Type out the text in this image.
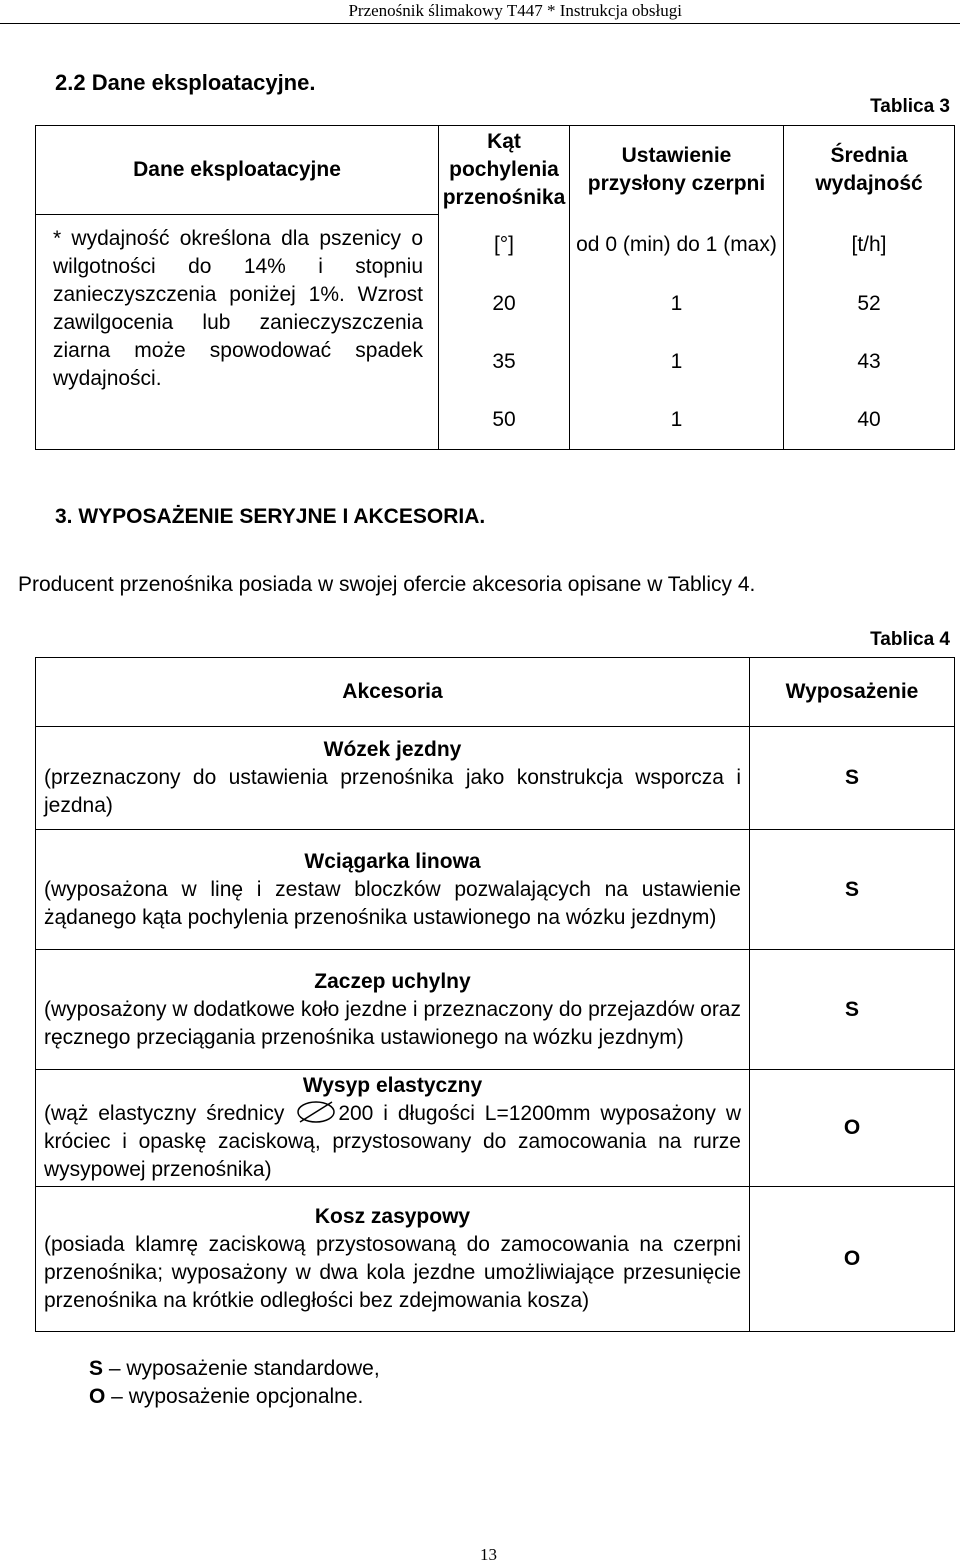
Przenośnik ślimakowy T447 * Instrukcja obsługi
2.2 Dane eksploatacyjne.
Tablica 3
Dane eksploatacyjne	Kąt pochylenia przenośnika	Ustawienie przysłony czerpni	Średnia wydajność
* wydajność określona dla pszenicy o wilgotności do 14% i stopniu zanieczyszczenia poniżej 1%. Wzrost zawilgocenia lub zanieczyszczenia ziarna może spowodować spadek wydajności.	[°]	od 0 (min) do 1 (max)	[t/h]
	20	1	52
	35	1	43
	50	1	40
3. WYPOSAŻENIE SERYJNE I AKCESORIA.
Producent przenośnika posiada w swojej ofercie akcesoria opisane w Tablicy 4.
Tablica 4
Akcesoria	Wyposażenie

Wózek jezdny
(przeznaczony do ustawienia przenośnika jako konstrukcja wsporcza i jezdna)	S

Wciągarka linowa
(wyposażona w linę i zestaw bloczków pozwalających na ustawienie żądanego kąta pochylenia przenośnika ustawionego na wózku jezdnym)	S

Zaczep uchylny
(wyposażony w dodatkowe koło jezdne i przeznaczony do przejazdów oraz ręcznego przeciągania przenośnika ustawionego na wózku jezdnym)	S

Wysyp elastyczny
(wąż elastyczny średnicy 200 i długości L=1200mm wyposażony w króciec i opaskę zaciskową, przystosowany do zamocowania na rurze wysypowej przenośnika)	O

Kosz zasypowy
(posiada klamrę zaciskową przystosowaną do zamocowania na czerpni przenośnika; wyposażony w dwa kola jezdne umożliwiające przesunięcie przenośnika na krótkie odległości bez zdejmowania kosza)	O
S – wyposażenie standardowe,
O – wyposażenie opcjonalne.
13
